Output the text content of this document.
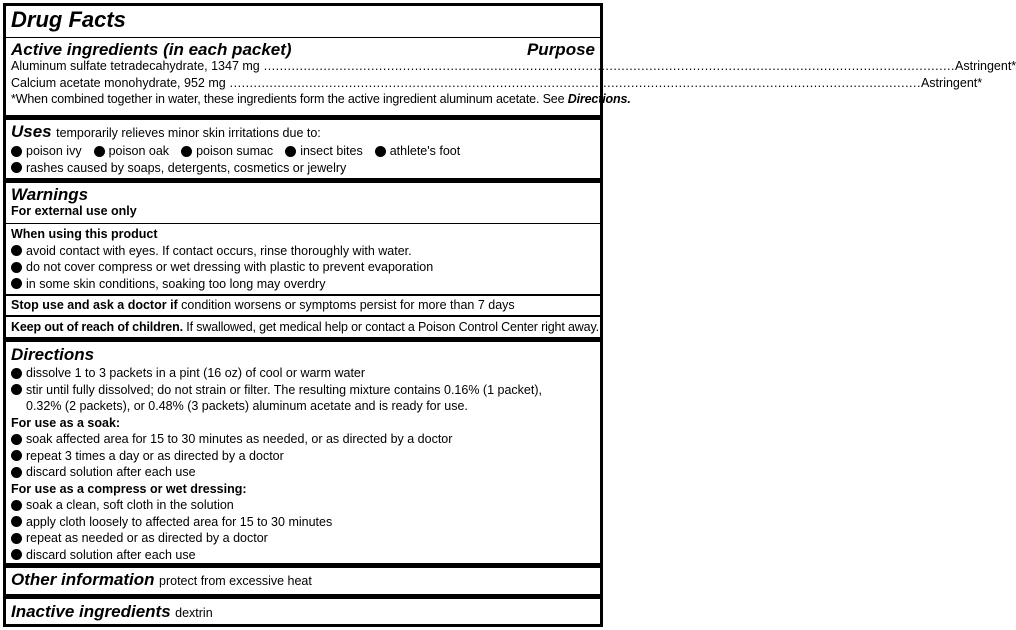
Drug Facts
Active ingredients (in each packet)	Purpose
Aluminum sulfate tetradecahydrate, 1347 mg .....	Astringent*
Calcium acetate monohydrate, 952 mg .....	Astringent*
*When combined together in water, these ingredients form the active ingredient aluminum acetate. See Directions.
Uses temporarily relieves minor skin irritations due to:
poison ivy poison oak poison sumac insect bites athlete's foot
rashes caused by soaps, detergents, cosmetics or jewelry
Warnings
For external use only
When using this product
avoid contact with eyes. If contact occurs, rinse thoroughly with water.
do not cover compress or wet dressing with plastic to prevent evaporation
in some skin conditions, soaking too long may overdry
Stop use and ask a doctor if condition worsens or symptoms persist for more than 7 days
Keep out of reach of children. If swallowed, get medical help or contact a Poison Control Center right away.
Directions
dissolve 1 to 3 packets in a pint (16 oz) of cool or warm water
stir until fully dissolved; do not strain or filter. The resulting mixture contains 0.16% (1 packet),
0.32% (2 packets), or 0.48% (3 packets) aluminum acetate and is ready for use.
For use as a soak:
soak affected area for 15 to 30 minutes as needed, or as directed by a doctor
repeat 3 times a day or as directed by a doctor
discard solution after each use
For use as a compress or wet dressing:
soak a clean, soft cloth in the solution
apply cloth loosely to affected area for 15 to 30 minutes
repeat as needed or as directed by a doctor
discard solution after each use
Other information protect from excessive heat
Inactive ingredients dextrin
